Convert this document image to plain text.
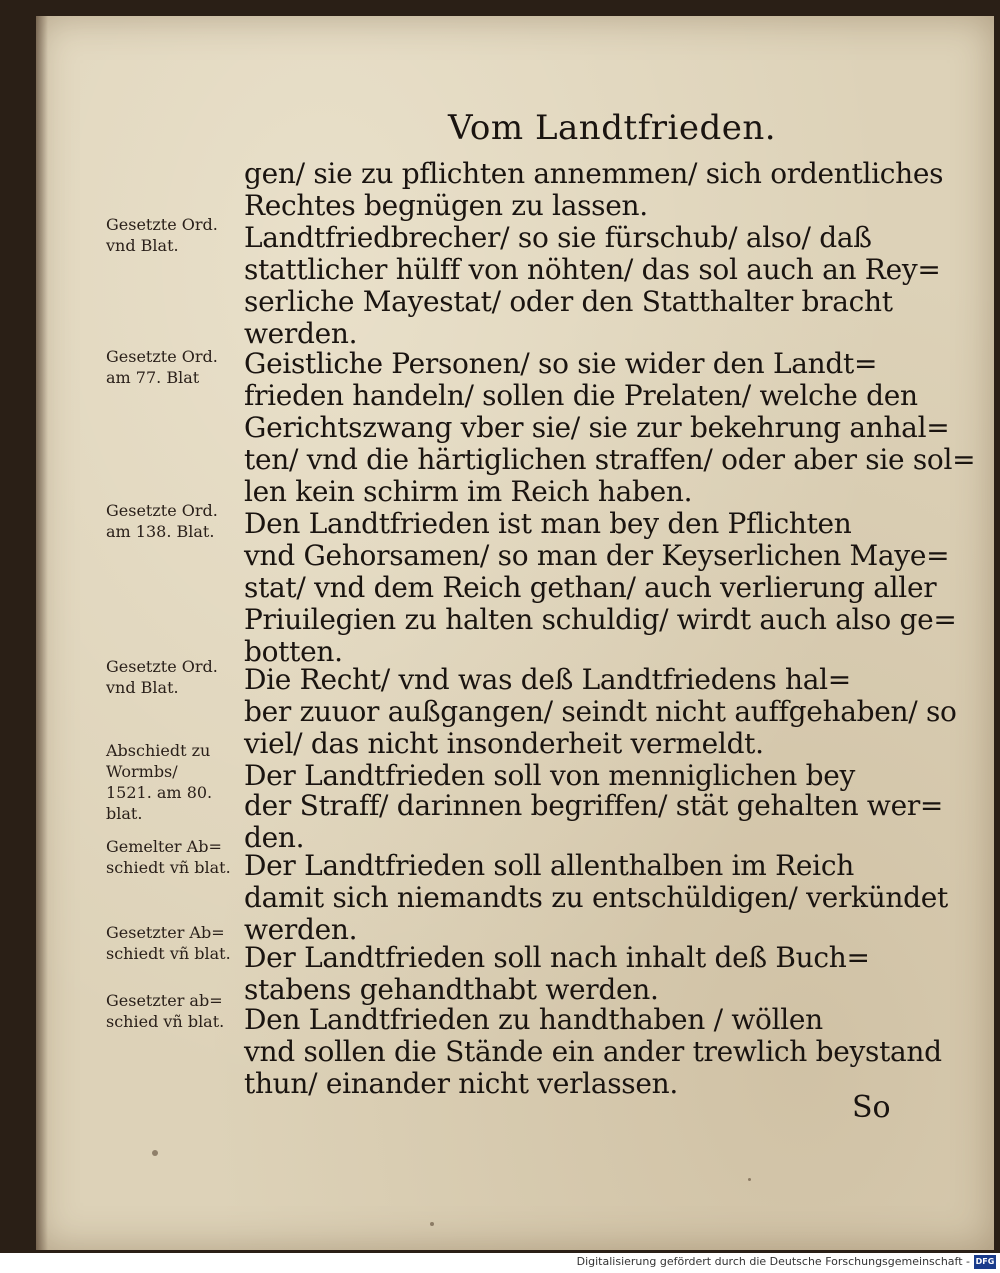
Vom Landtfrieden.
gen/ sie zu pflichten annemmen/ sich ordentliches
Rechtes begnügen zu lassen.
Landtfriedbrecher/ so sie fürschub/ also/ daß
stattlicher hülff von nöhten/ das sol auch an Rey=
serliche Mayestat/ oder den Statthalter bracht
werden.
Geistliche Personen/ so sie wider den Landt=
frieden handeln/ sollen die Prelaten/ welche den
Gerichtszwang vber sie/ sie zur bekehrung anhal=
ten/ vnd die härtiglichen straffen/ oder aber sie sol=
len kein schirm im Reich haben.
Den Landtfrieden ist man bey den Pflichten
vnd Gehorsamen/ so man der Keyserlichen Maye=
stat/ vnd dem Reich gethan/ auch verlierung aller
Priuilegien zu halten schuldig/ wirdt auch also ge=
botten.
Die Recht/ vnd was deß Landtfriedens hal=
ber zuuor außgangen/ seindt nicht auffgehaben/ so
viel/ das nicht insonderheit vermeldt.
Der Landtfrieden soll von menniglichen bey
der Straff/ darinnen begriffen/ stät gehalten wer=
den.
Der Landtfrieden soll allenthalben im Reich
damit sich niemandts zu entschüldigen/ verkündet
werden.
Der Landtfrieden soll nach inhalt deß Buch=
stabens gehandthabt werden.
Den Landtfrieden zu handthaben / wöllen
vnd sollen die Stände ein ander trewlich beystand
thun/ einander nicht verlassen.
Gesetzte Ord.
vnd Blat.
Gesetzte Ord.
am 77. Blat
Gesetzte Ord.
am 138. Blat.
Gesetzte Ord.
vnd Blat.
Abschiedt zu
Wormbs/
1521. am 80.
blat.
Gemelter Ab=
schiedt vñ blat.
Gesetzter Ab=
schiedt vñ blat.
Gesetzter ab=
schied vñ blat.
So
Digitalisierung gefördert durch die Deutsche Forschungsgemeinschaft - DFG
